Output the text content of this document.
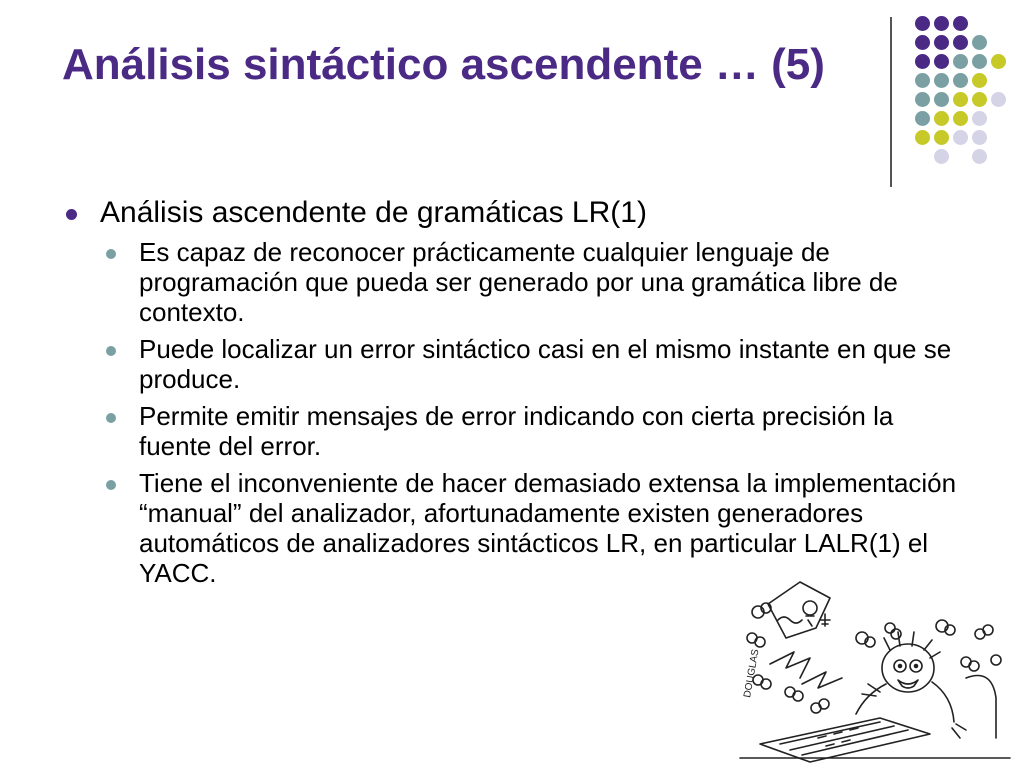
Análisis sintáctico ascendente … (5)
Análisis ascendente de gramáticas LR(1)
Es capaz de reconocer prácticamente cualquier lenguaje de programación que pueda ser generado por una gramática libre de contexto.
Puede localizar un error sintáctico casi en el mismo instante en que se produce.
Permite emitir mensajes de error indicando con cierta precisión la fuente del error.
Tiene el inconveniente de hacer demasiado extensa la implementación “manual” del analizador, afortunadamente existen generadores automáticos de analizadores sintácticos LR, en particular LALR(1) el YACC.
DOUGLAS
